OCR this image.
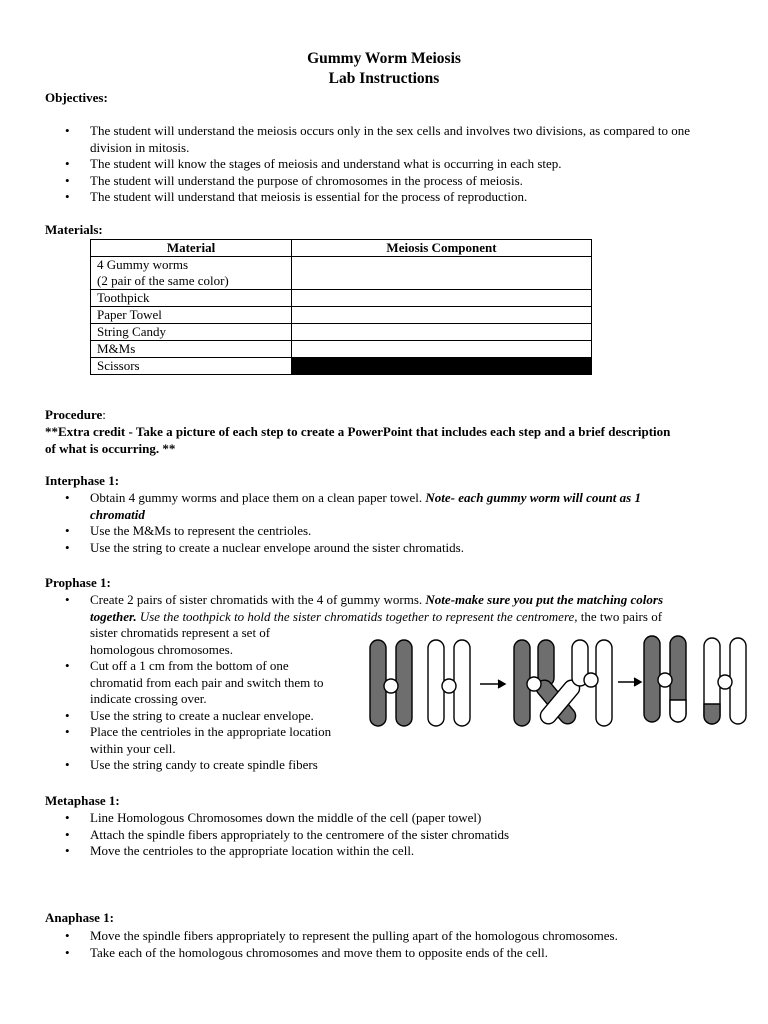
Gummy Worm Meiosis
Lab Instructions
Objectives:
• The student will understand the meiosis occurs only in the sex cells and involves two divisions, as compared to one division in mitosis.
• The student will know the stages of meiosis and understand what is occurring in each step.
• The student will understand the purpose of chromosomes in the process of meiosis.
• The student will understand that meiosis is essential for the process of reproduction.
Materials:
Material	Meiosis Component
4 Gummy worms
(2 pair of the same color)	
Toothpick	
Paper Towel	
String Candy	
M&Ms	
Scissors	
Procedure:
**Extra credit - Take a picture of each step to create a PowerPoint that includes each step and a brief description
of what is occurring. **
Interphase 1:
• Obtain 4 gummy worms and place them on a clean paper towel. Note- each gummy worm will count as 1
chromatid
• Use the M&Ms to represent the centrioles.
• Use the string to create a nuclear envelope around the sister chromatids.
Prophase 1:
• Create 2 pairs of sister chromatids with the 4 of gummy worms. Note-make sure you put the matching colors
together. Use the toothpick to hold the sister chromatids together to represent the centromere, the two pairs of
sister chromatids represent a set of
homologous chromosomes.
• Cut off a 1 cm from the bottom of one
chromatid from each pair and switch them to
indicate crossing over.
• Use the string to create a nuclear envelope.
• Place the centrioles in the appropriate location
within your cell.
• Use the string candy to create spindle fibers
Metaphase 1:
• Line Homologous Chromosomes down the middle of the cell (paper towel)
• Attach the spindle fibers appropriately to the centromere of the sister chromatids
• Move the centrioles to the appropriate location within the cell.
Anaphase 1:
• Move the spindle fibers appropriately to represent the pulling apart of the homologous chromosomes.
• Take each of the homologous chromosomes and move them to opposite ends of the cell.
